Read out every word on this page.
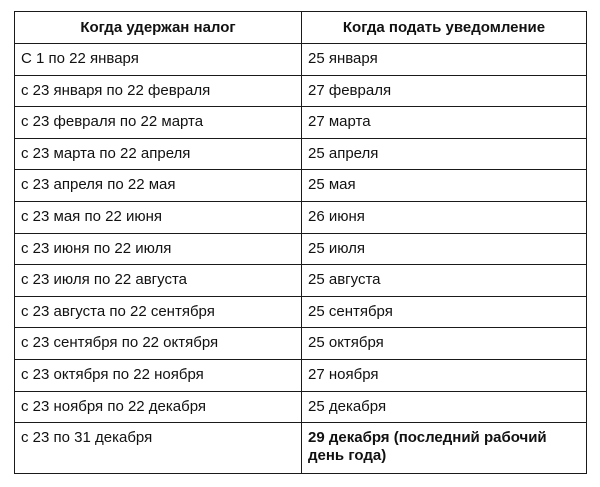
Когда удержан налог	Когда подать уведомление
С 1 по 22 января	25 января
с 23 января по 22 февраля	27 февраля
с 23 февраля по 22 марта	27 марта
с 23 марта по 22 апреля	25 апреля
с 23 апреля по 22 мая	25 мая
с 23 мая по 22 июня	26 июня
с 23 июня по 22 июля	25 июля
с 23 июля по 22 августа	25 августа
с 23 августа по 22 сентября	25 сентября
с 23 сентября по 22 октября	25 октября
с 23 октября по 22 ноября	27 ноября
с 23 ноября по 22 декабря	25 декабря
с 23 по 31 декабря	29 декабря (последний рабочий день года)
